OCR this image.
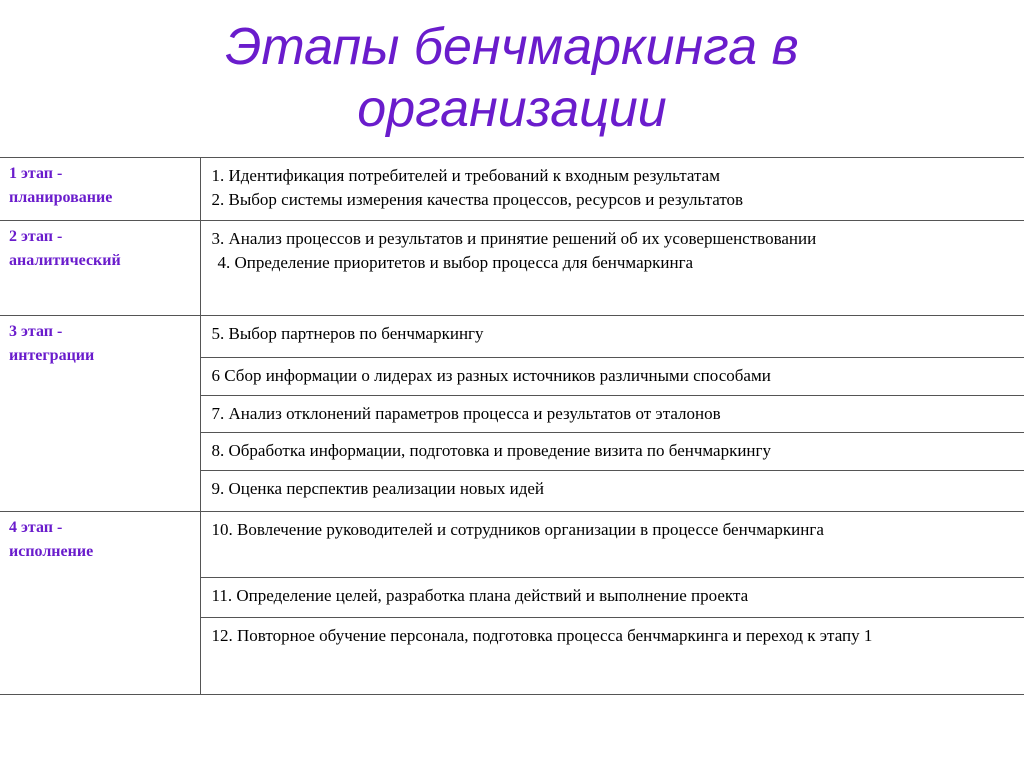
Этапы бенчмаркинга в
организации
1 этап -
планирование	1. Идентификация потребителей и требований к входным результатам
2. Выбор системы измерения качества процессов, ресурсов и результатов

2 этап -
аналитический	3. Анализ процессов и результатов и принятие решений об их усовершенствовании
4. Определение приоритетов и выбор процесса для бенчмаркинга

3 этап -
интеграции	5. Выбор партнеров по бенчмаркингу

	6 Сбор информации о лидерах из разных источников различными способами

	7. Анализ отклонений параметров процесса и результатов от эталонов

	8. Обработка информации, подготовка и проведение визита по бенчмаркингу

	9. Оценка перспектив реализации новых идей

4 этап -
исполнение	10. Вовлечение руководителей и сотрудников организации в процессе бенчмаркинга

	11. Определение целей, разработка плана действий и выполнение проекта

	12. Повторное обучение персонала, подготовка процесса бенчмаркинга и переход к этапу 1
